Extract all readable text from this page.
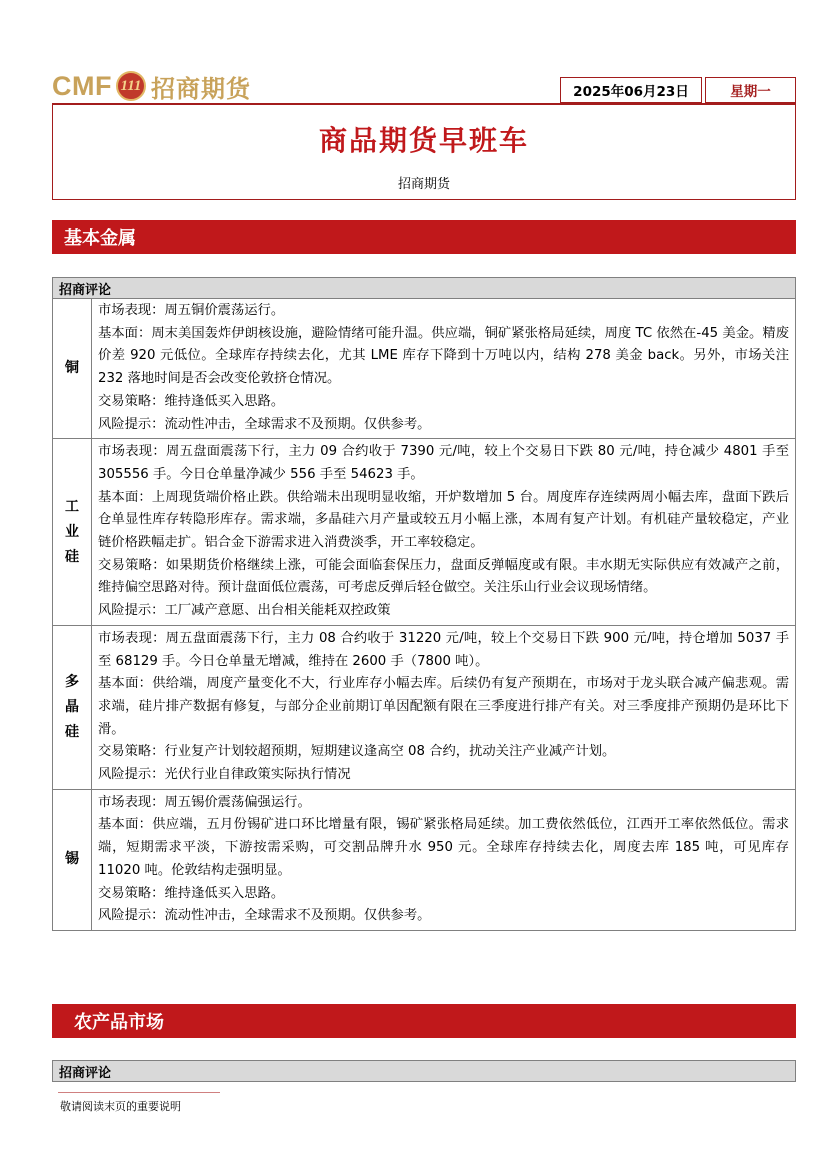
CMF 111 招商期货	2025年06月23日	星期一
商品期货早班车
招商期货
基本金属
招商评论
铜

市场表现：周五铜价震荡运行。

基本面：周末美国轰炸伊朗核设施，避险情绪可能升温。供应端，铜矿紧张格局延续，周度 TC 依然在-45 美金。精废价差 920 元低位。全球库存持续去化，尤其 LME 库存下降到十万吨以内，结构 278 美金 back。另外，市场关注 232 落地时间是否会改变伦敦挤仓情况。

交易策略：维持逢低买入思路。

风险提示：流动性冲击，全球需求不及预期。仅供参考。

工
业
硅

市场表现：周五盘面震荡下行，主力 09 合约收于 7390 元/吨，较上个交易日下跌 80 元/吨，持仓减少 4801 手至 305556 手。今日仓单量净减少 556 手至 54623 手。

基本面：上周现货端价格止跌。供给端未出现明显收缩，开炉数增加 5 台。周度库存连续两周小幅去库，盘面下跌后仓单显性库存转隐形库存。需求端，多晶硅六月产量或较五月小幅上涨，本周有复产计划。有机硅产量较稳定，产业链价格跌幅走扩。铝合金下游需求进入消费淡季，开工率较稳定。

交易策略：如果期货价格继续上涨，可能会面临套保压力，盘面反弹幅度或有限。丰水期无实际供应有效减产之前，维持偏空思路对待。预计盘面低位震荡，可考虑反弹后轻仓做空。关注乐山行业会议现场情绪。

风险提示：工厂减产意愿、出台相关能耗双控政策

多
晶
硅

市场表现：周五盘面震荡下行，主力 08 合约收于 31220 元/吨，较上个交易日下跌 900 元/吨，持仓增加 5037 手至 68129 手。今日仓单量无增减，维持在 2600 手（7800 吨）。

基本面：供给端，周度产量变化不大，行业库存小幅去库。后续仍有复产预期在，市场对于龙头联合减产偏悲观。需求端，硅片排产数据有修复，与部分企业前期订单因配额有限在三季度进行排产有关。对三季度排产预期仍是环比下滑。

交易策略：行业复产计划较超预期，短期建议逢高空 08 合约，扰动关注产业减产计划。

风险提示：光伏行业自律政策实际执行情况

锡

市场表现：周五锡价震荡偏强运行。

基本面：供应端，五月份锡矿进口环比增量有限，锡矿紧张格局延续。加工费依然低位，江西开工率依然低位。需求端，短期需求平淡，下游按需采购，可交割品牌升水 950 元。全球库存持续去化，周度去库 185 吨，可见库存 11020 吨。伦敦结构走强明显。

交易策略：维持逢低买入思路。

风险提示：流动性冲击，全球需求不及预期。仅供参考。

农产品市场
招商评论
敬请阅读末页的重要说明
